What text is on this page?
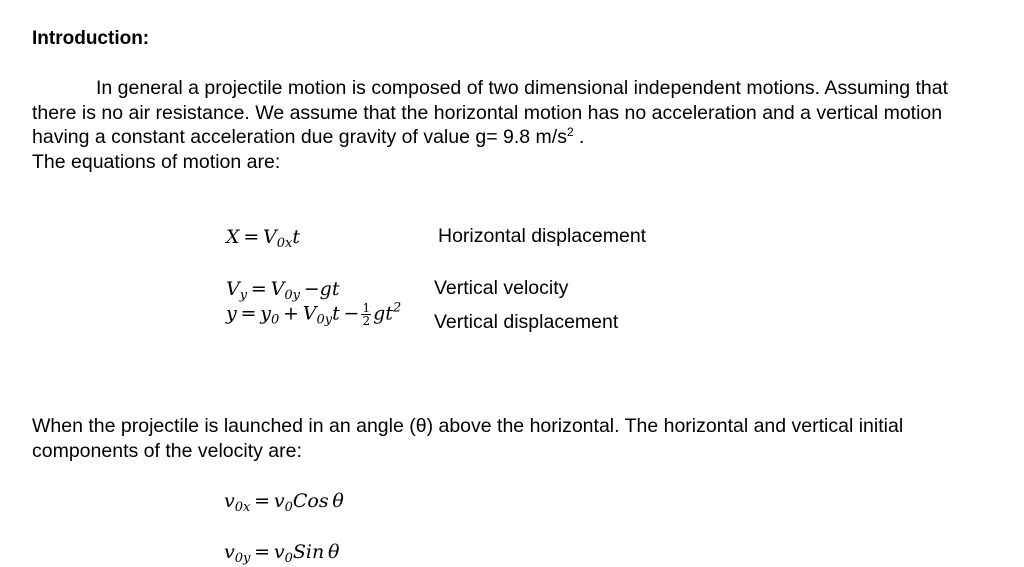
Introduction:

In general a projectile motion is composed of two dimensional independent motions. Assuming that there is no air resistance. We assume that the horizontal motion has no acceleration and a vertical motion having a constant acceleration due gravity of value g= 9.8 $m/s^2$ .

The equations of motion are:

$X = V_{0x}t$	Horizontal displacement
$V_y = V_{0y} -gt$	Vertical velocity
$y = y_0 + V_{0y}t - \frac{1}{2} gt^2$
Vertical displacement
When the projectile is launched in an angle (θ) above the horizontal. The horizontal and vertical initial components of the velocity are:
$v_{0x} = v_0Cos$ θ
$v_{0y} = v_0Sin$ θ
